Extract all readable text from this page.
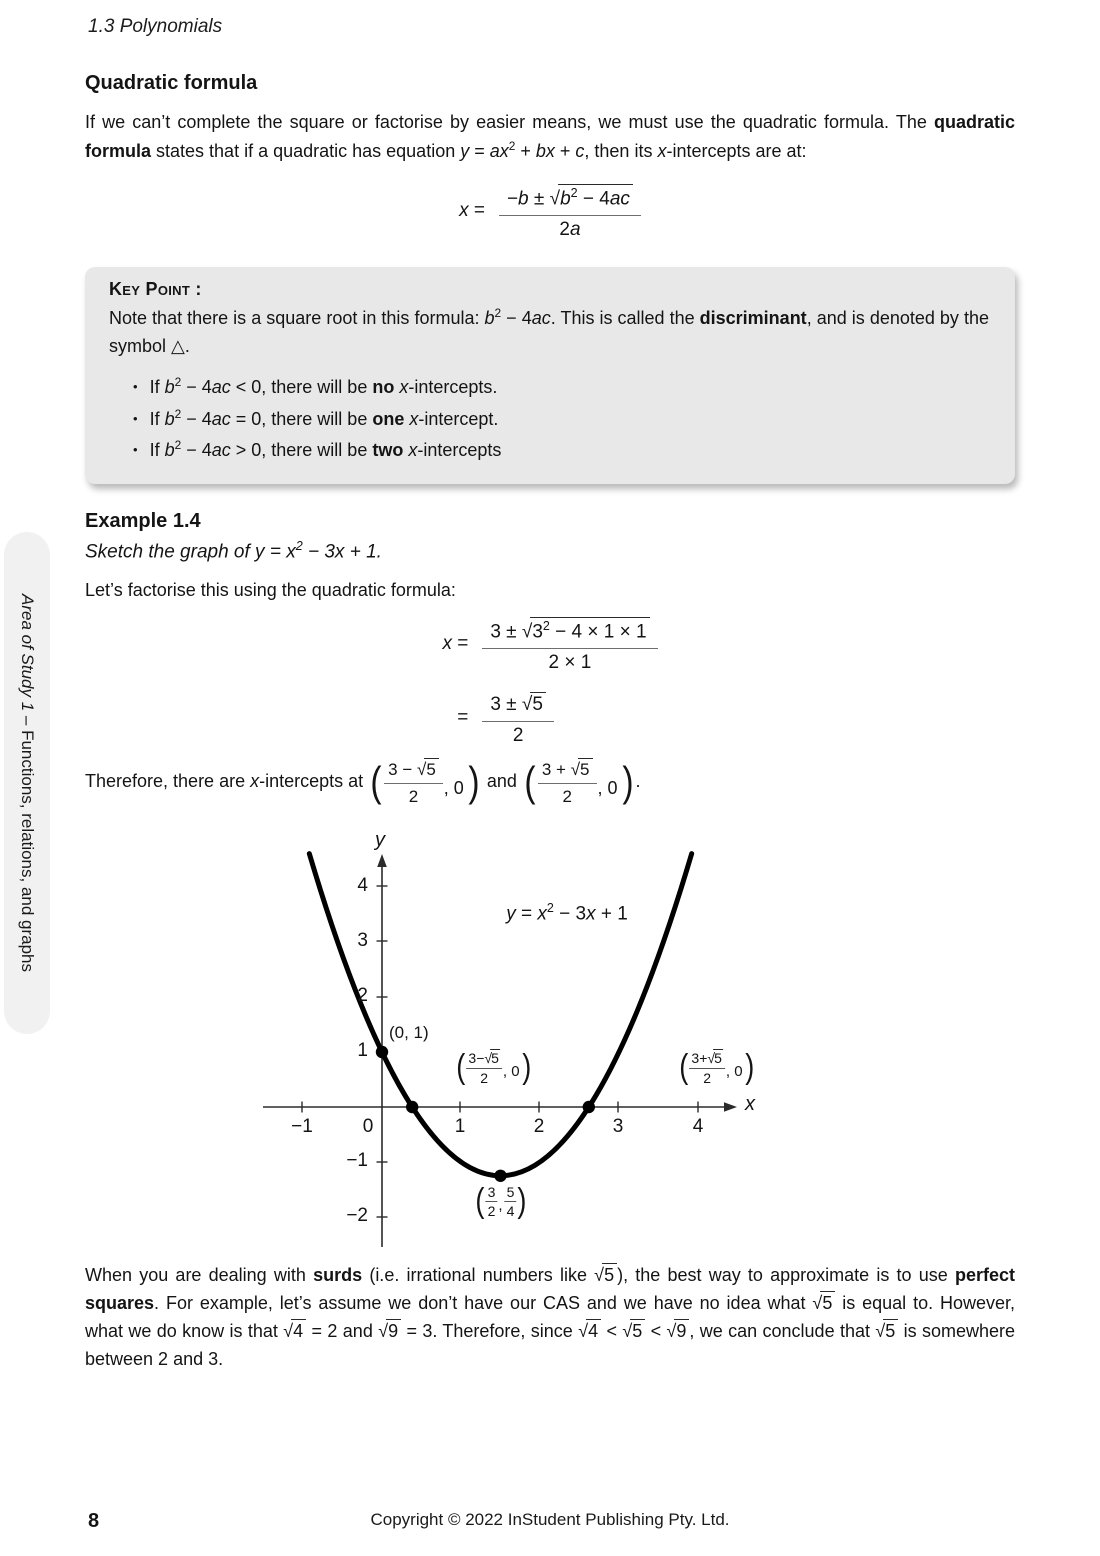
1.3 Polynomials
Area of Study 1 – Functions, relations, and graphs
Quadratic formula

If we can’t complete the square or factorise by easier means, we must use the quadratic formula. The quadratic formula states that if a quadratic has equation $y = ax^2$ + bx + c, then its x-intercepts are at:

$x = \frac{-b \pm √b^2 - 4ac}{2a}$
Key Point :

Note that there is a square root in this formula: $b^2 - 4ac$. This is called the discriminant, and is denoted by the symbol △.

• If $b^2 - 4ac < 0$, there will be no x-intercepts.
• If $b^2 - 4ac = 0$, there will be one x-intercept.
• If $b^2 - 4ac > 0$, there will be two x-intercepts
Example 1.4

Sketch the graph of $y = x^2 - 3x + 1$.

Let’s factorise this using the quadratic formula:

$x = \frac{3 \pm √3^2 - 4 \times 1 \times 1}{2 \times 1}$
= $\frac{3 \pm √5}{2}$

Therefore, there are x-intercepts at ( $\frac{3 - √5}{2}$ , 0 ) and ( $\frac{3 + √5}{2}$ , 0 ) .

y
x
$y = x^2 - 3x + 1$
(0, 1)
( $\frac{3-√5}{2}$ , 0)	( $\frac{3+√5}{2}$ , 0)
( $\frac{3}{2}$ , $\frac{5}{4}$ )
−1	0	1	2	3	4
4
3
2
1
−1
−2

When you are dealing with surds (i.e. irrational numbers like √5 ), the best way to approximate is to use perfect squares. For example, let’s assume we don’t have our CAS and we have no idea what √5 is equal to. However, what we do know is that √4 = 2 and √9 = 3. Therefore, since √4 < √5 < √9 , we can conclude that √5 is somewhere between 2 and 3.

8	Copyright © 2022 InStudent Publishing Pty. Ltd.
